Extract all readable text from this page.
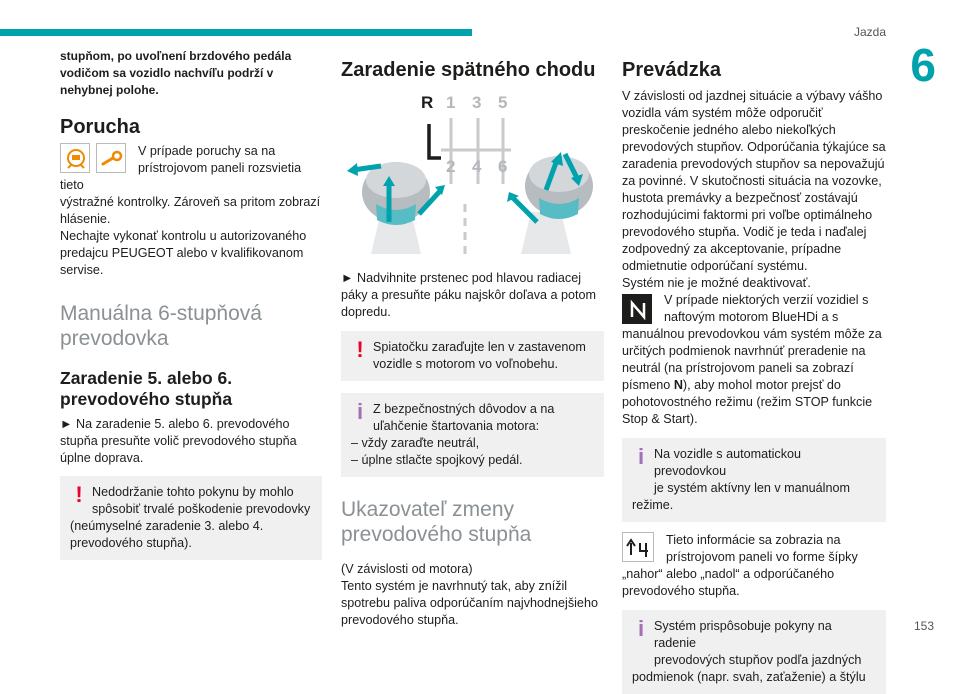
Jazda
6
153

stupňom, po uvoľnení brzdového pedála vodičom sa vozidlo nachvíľu podrží v nehybnej polohe.

Porucha

V prípade poruchy sa na

prístrojovom paneli rozsvietia tieto

výstražné kontrolky. Zároveň sa pritom zobrazí hlásenie.

Nechajte vykonať kontrolu u autorizovaného predajcu PEUGEOT alebo v kvalifikovanom servise.

Manuálna 6-stupňová prevodovka
Zaradenie 5. alebo 6. prevodového stupňa

► Na zaradenie 5. alebo 6. prevodového stupňa presuňte volič prevodového stupňa úplne doprava.

! Nedodržanie tohto pokynu by mohlo

spôsobiť trvalé poškodenie prevodovky

(neúmyselné zaradenie 3. alebo 4. prevodového stupňa).

Zaradenie spätného chodu
R 1 3 5
2 4 6

► Nadvihnite prstenec pod hlavou radiacej páky a presuňte páku najskôr doľava a potom dopredu.

! Spiatočku zaraďujte len v zastavenom

vozidle s motorom vo voľnobehu.

i Z bezpečnostných dôvodov a na

uľahčenie štartovania motora:

– vždy zaraďte neutrál,

– úplne stlačte spojkový pedál.

Ukazovateľ zmeny prevodového stupňa

(V závislosti od motora)

Tento systém je navrhnutý tak, aby znížil spotrebu paliva odporúčaním najvhodnejšieho prevodového stupňa.

Prevádzka

V závislosti od jazdnej situácie a výbavy vášho vozidla vám systém môže odporučiť preskočenie jedného alebo niekoľkých prevodových stupňov. Odporúčania týkajúce sa zaradenia prevodových stupňov sa nepovažujú za povinné. V skutočnosti situácia na vozovke, hustota premávky a bezpečnosť zostávajú rozhodujúcimi faktormi pri voľbe optimálneho prevodového stupňa. Vodič je teda i naďalej zodpovedný za akceptovanie, prípadne odmietnutie odporúčaní systému.

Systém nie je možné deaktivovať.

V prípade niektorých verzií vozidiel s

naftovým motorom BlueHDi a s

manuálnou prevodovkou vám systém môže za určitých podmienok navrhnúť preradenie na neutrál (na prístrojovom paneli sa zobrazí písmeno N), aby mohol motor prejsť do pohotovostného režimu (režim STOP funkcie Stop & Start).

i Na vozidle s automatickou prevodovkou

je systém aktívny len v manuálnom

režime.

Tieto informácie sa zobrazia na

prístrojovom paneli vo forme šípky

„nahor“ alebo „nadol“ a odporúčaného prevodového stupňa.

i Systém prispôsobuje pokyny na radenie

prevodových stupňov podľa jazdných

podmienok (napr. svah, zaťaženie) a štýlu
